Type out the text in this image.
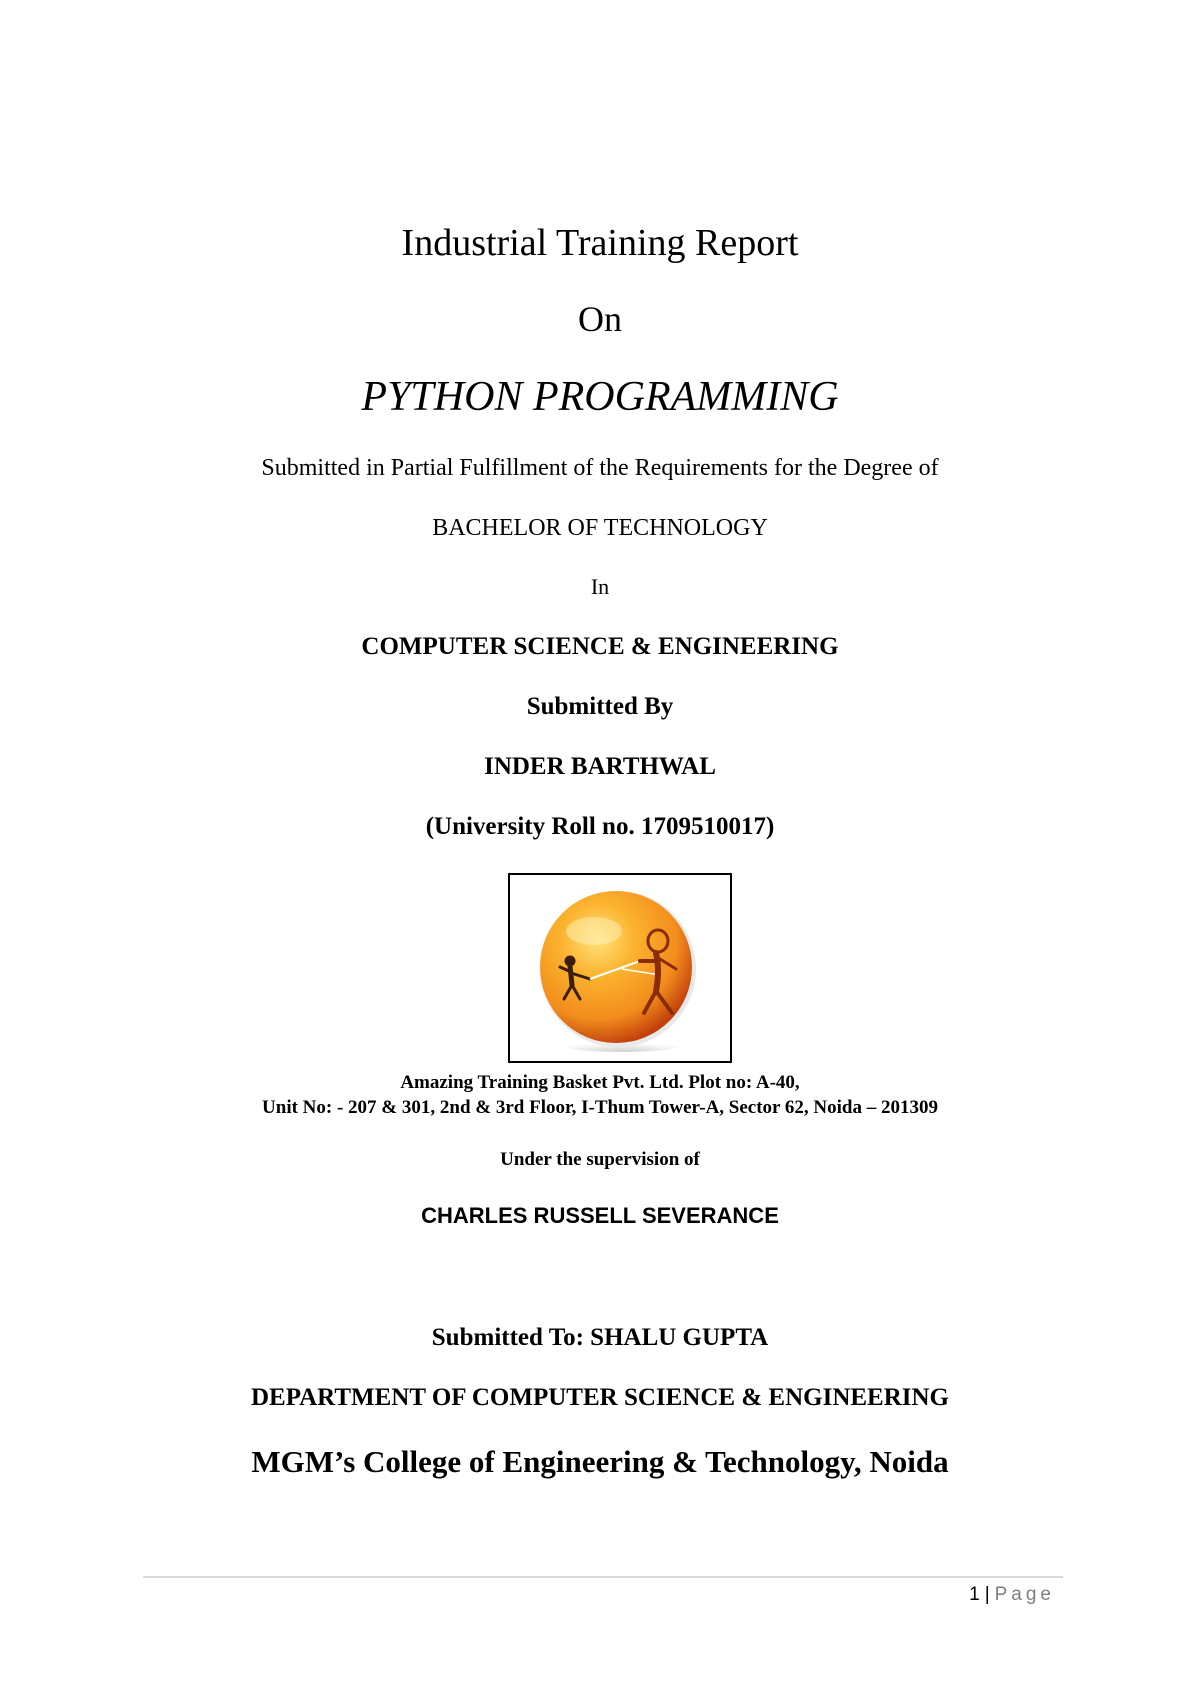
Industrial Training Report
On
PYTHON PROGRAMMING
Submitted in Partial Fulfillment of the Requirements for the Degree of
BACHELOR OF TECHNOLOGY
In
COMPUTER SCIENCE & ENGINEERING
Submitted By
INDER BARTHWAL
(University Roll no. 1709510017)
Amazing Training Basket Pvt. Ltd. Plot no: A-40,
Unit No: - 207 & 301, 2nd & 3rd Floor, I-Thum Tower-A, Sector 62, Noida – 201309
Under the supervision of
CHARLES RUSSELL SEVERANCE
Submitted To: SHALU GUPTA
DEPARTMENT OF COMPUTER SCIENCE & ENGINEERING
MGM’s College of Engineering & Technology, Noida
1 | Page
